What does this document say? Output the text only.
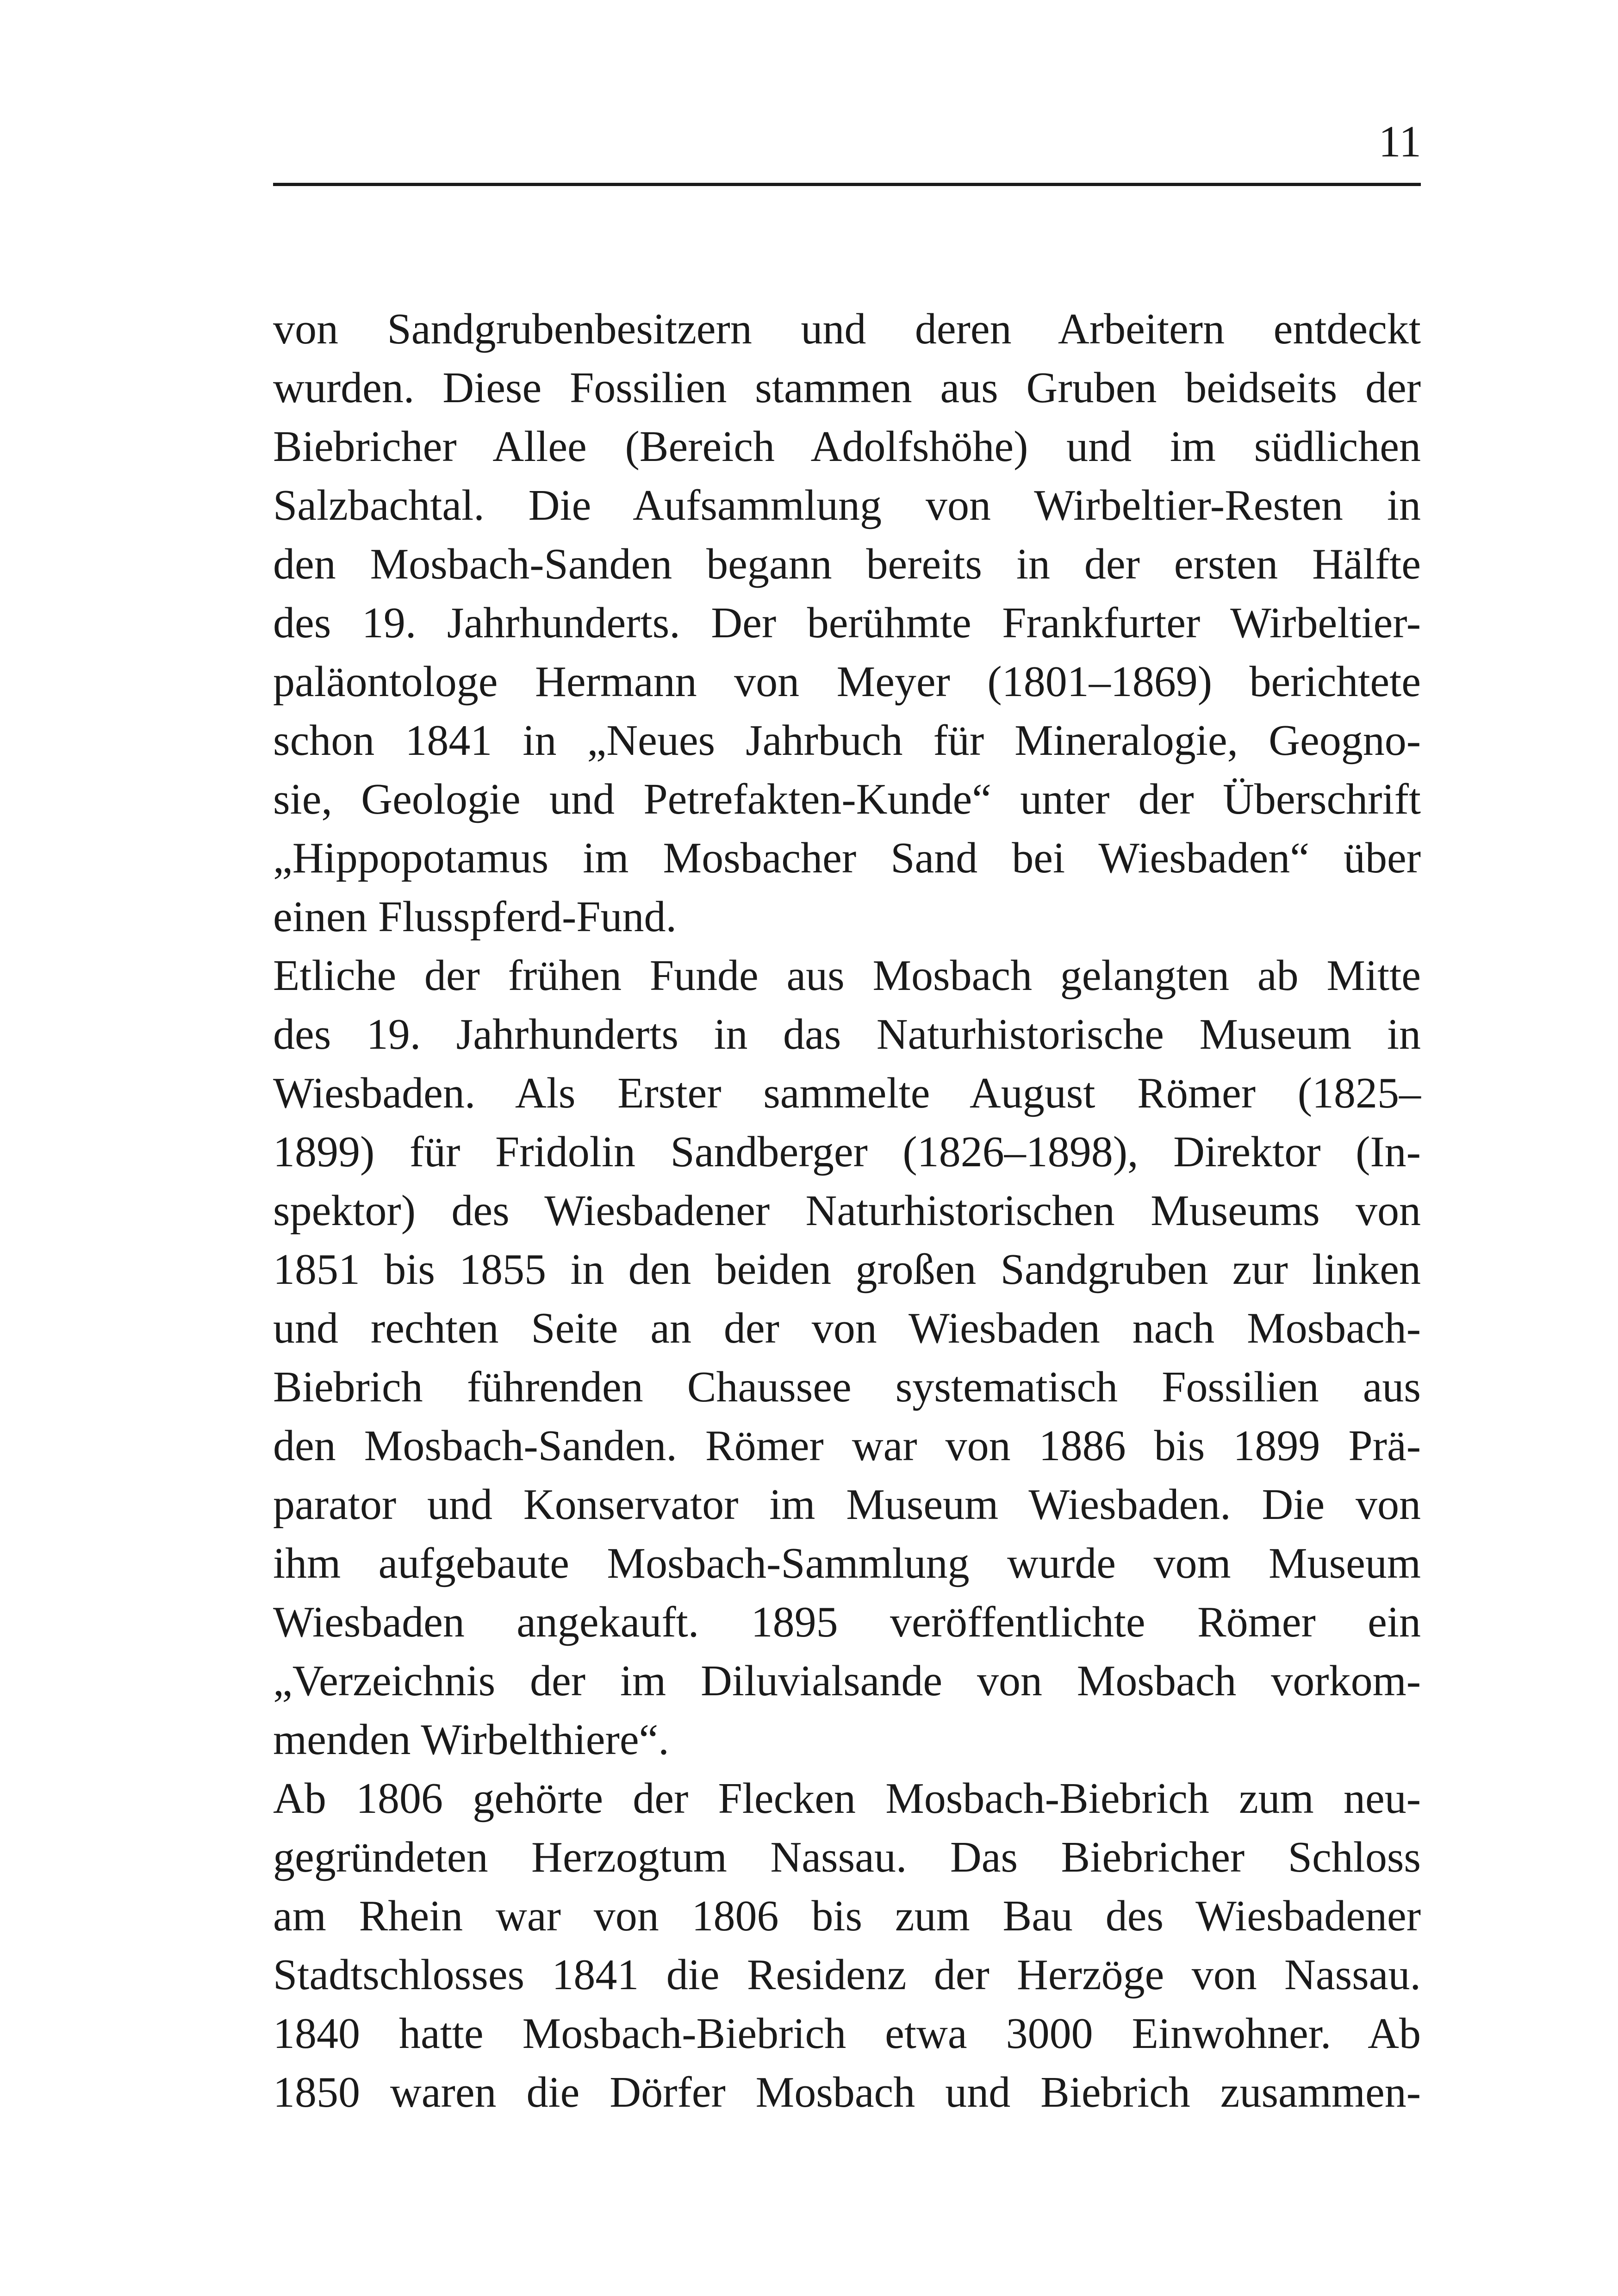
11
von Sandgrubenbesitzern und deren Arbeitern entdeckt
wurden. Diese Fossilien stammen aus Gruben beidseits der
Biebricher Allee (Bereich Adolfshöhe) und im südlichen
Salzbachtal. Die Aufsammlung von Wirbeltier-Resten in
den Mosbach-Sanden begann bereits in der ersten Hälfte
des 19. Jahrhunderts. Der berühmte Frankfurter Wirbeltier-
paläontologe Hermann von Meyer (1801–1869) berichtete
schon 1841 in „Neues Jahrbuch für Mineralogie, Geogno-
sie, Geologie und Petrefakten-Kunde“ unter der Überschrift
„Hippopotamus im Mosbacher Sand bei Wiesbaden“ über
einen Flusspferd-Fund.
Etliche der frühen Funde aus Mosbach gelangten ab Mitte
des 19. Jahrhunderts in das Naturhistorische Museum in
Wiesbaden. Als Erster sammelte August Römer (1825–
1899) für Fridolin Sandberger (1826–1898), Direktor (In-
spektor) des Wiesbadener Naturhistorischen Museums von
1851 bis 1855 in den beiden großen Sandgruben zur linken
und rechten Seite an der von Wiesbaden nach Mosbach-
Biebrich führenden Chaussee systematisch Fossilien aus
den Mosbach-Sanden. Römer war von 1886 bis 1899 Prä-
parator und Konservator im Museum Wiesbaden. Die von
ihm aufgebaute Mosbach-Sammlung wurde vom Museum
Wiesbaden angekauft. 1895 veröffentlichte Römer ein
„Verzeichnis der im Diluvialsande von Mosbach vorkom-
menden Wirbelthiere“.
Ab 1806 gehörte der Flecken Mosbach-Biebrich zum neu-
gegründeten Herzogtum Nassau. Das Biebricher Schloss
am Rhein war von 1806 bis zum Bau des Wiesbadener
Stadtschlosses 1841 die Residenz der Herzöge von Nassau.
1840 hatte Mosbach-Biebrich etwa 3000 Einwohner. Ab
1850 waren die Dörfer Mosbach und Biebrich zusammen-
